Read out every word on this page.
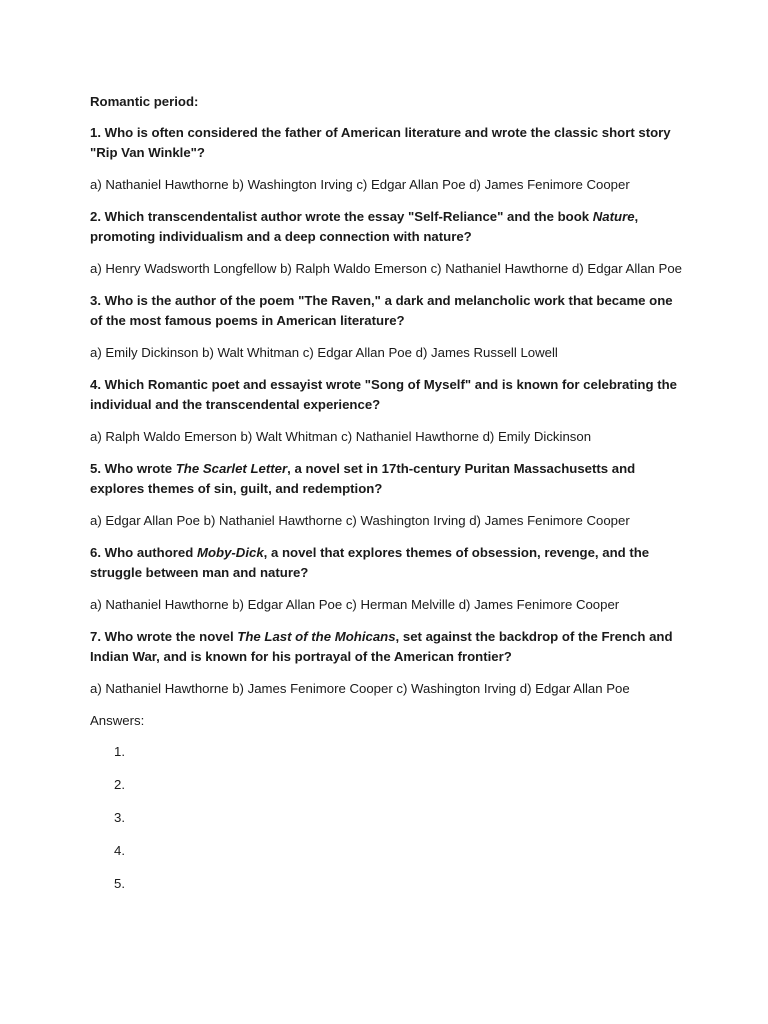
Romantic period:

1. Who is often considered the father of American literature and wrote the classic short story "Rip Van Winkle"?

a) Nathaniel Hawthorne b) Washington Irving c) Edgar Allan Poe d) James Fenimore Cooper

2. Which transcendentalist author wrote the essay "Self-Reliance" and the book Nature, promoting individualism and a deep connection with nature?

a) Henry Wadsworth Longfellow b) Ralph Waldo Emerson c) Nathaniel Hawthorne d) Edgar Allan Poe

3. Who is the author of the poem "The Raven," a dark and melancholic work that became one of the most famous poems in American literature?

a) Emily Dickinson b) Walt Whitman c) Edgar Allan Poe d) James Russell Lowell

4. Which Romantic poet and essayist wrote "Song of Myself" and is known for celebrating the individual and the transcendental experience?

a) Ralph Waldo Emerson b) Walt Whitman c) Nathaniel Hawthorne d) Emily Dickinson

5. Who wrote The Scarlet Letter, a novel set in 17th-century Puritan Massachusetts and explores themes of sin, guilt, and redemption?

a) Edgar Allan Poe b) Nathaniel Hawthorne c) Washington Irving d) James Fenimore Cooper

6. Who authored Moby-Dick, a novel that explores themes of obsession, revenge, and the struggle between man and nature?

a) Nathaniel Hawthorne b) Edgar Allan Poe c) Herman Melville d) James Fenimore Cooper

7. Who wrote the novel The Last of the Mohicans, set against the backdrop of the French and Indian War, and is known for his portrayal of the American frontier?

a) Nathaniel Hawthorne b) James Fenimore Cooper c) Washington Irving d) Edgar Allan Poe

Answers:

1.
2.
3.
4.
5.
